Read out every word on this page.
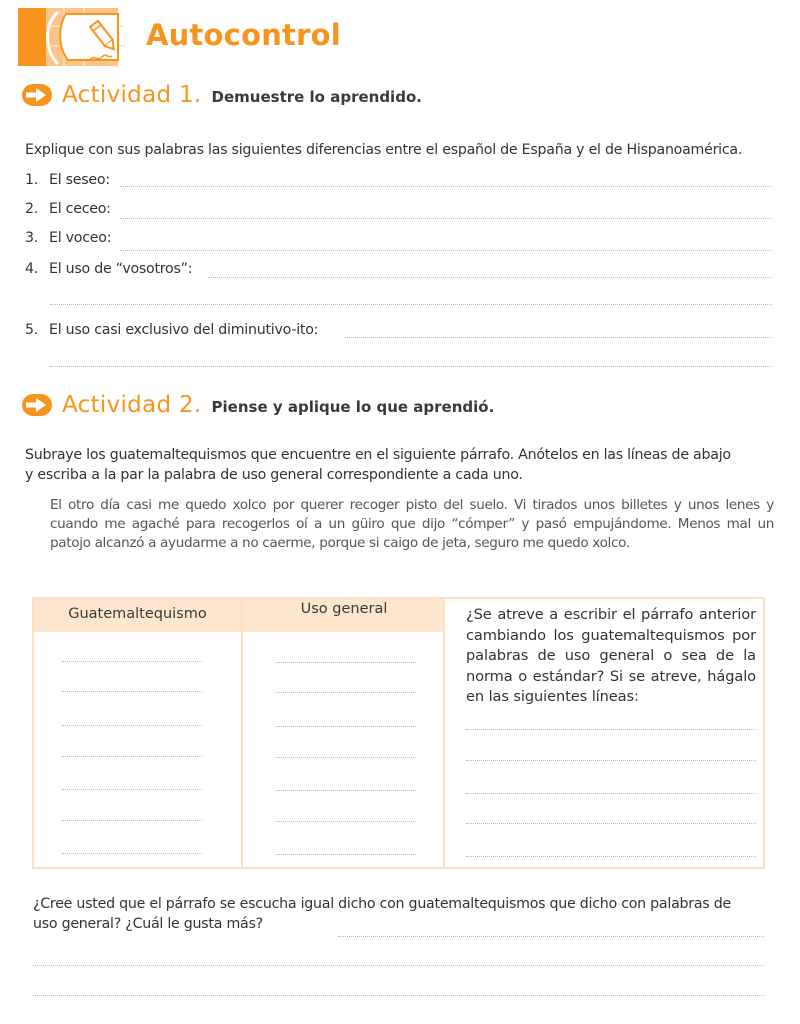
Autocontrol
Actividad 1. Demuestre lo aprendido.
Explique con sus palabras las siguientes diferencias entre el español de España y el de Hispanoamérica.
1. El seseo:
2. El ceceo:
3. El voceo:
4. El uso de “vosotros”:
5. El uso casi exclusivo del diminutivo-ito:
Actividad 2. Piense y aplique lo que aprendió.
Subraye los guatemaltequismos que encuentre en el siguiente párrafo. Anótelos en las líneas de abajo
y escriba a la par la palabra de uso general correspondiente a cada uno.
El otro día casi me quedo xolco por querer recoger pisto del suelo. Vi tirados unos billetes y unos lenes y cuando me agaché para recogerlos oí a un güiro que dijo “cómper” y pasó empujándome. Menos mal un patojo alcanzó a ayudarme a no caerme, porque si caigo de jeta, seguro me quedo xolco.
Guatemaltequismo	Uso general	¿Se atreve a escribir el párrafo anterior cambiando los guatemaltequismos por palabras de uso general o sea de la norma o estándar? Si se atreve, hágalo en las siguientes líneas:
¿Cree usted que el párrafo se escucha igual dicho con guatemaltequismos que dicho con palabras de
uso general? ¿Cuál le gusta más?
